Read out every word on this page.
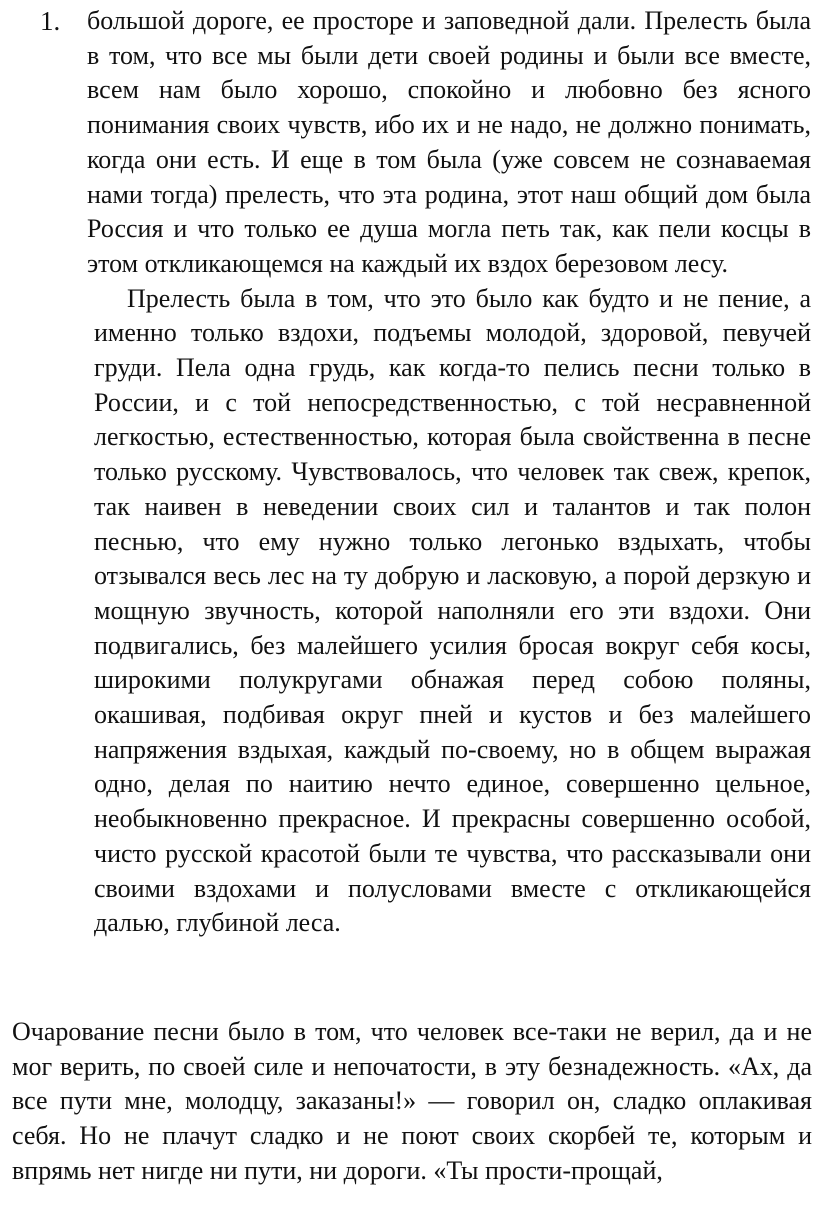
1. большой дороге, ее просторе и заповедной дали. Прелесть была в том, что все мы были дети своей родины и были все вместе, всем нам было хорошо, спокойно и любовно без ясного понимания своих чувств, ибо их и не надо, не должно понимать, когда они есть. И еще в том была (уже совсем не сознаваемая нами тогда) прелесть, что эта родина, этот наш общий дом была Россия и что только ее душа могла петь так, как пели косцы в этом откликающемся на каждый их вздох березовом лесу.

Прелесть была в том, что это было как будто и не пение, а именно только вздохи, подъемы молодой, здоровой, певучей груди. Пела одна грудь, как когда-то пелись песни только в России, и с той непосредственностью, с той несравненной легкостью, естественностью, которая была свойственна в песне только русскому. Чувствовалось, что человек так свеж, крепок, так наивен в неведении своих сил и талантов и так полон песнью, что ему нужно только легонько вздыхать, чтобы отзывался весь лес на ту добрую и ласковую, а порой дерзкую и мощную звучность, которой наполняли его эти вздохи. Они подвигались, без малейшего усилия бросая вокруг себя косы, широкими полукругами обнажая перед собою поляны, окашивая, подбивая округ пней и кустов и без малейшего напряжения вздыхая, каждый по-своему, но в общем выражая одно, делая по наитию нечто единое, совершенно цельное, необыкновенно прекрасное. И прекрасны совершенно особой, чисто русской красотой были те чувства, что рассказывали они своими вздохами и полусловами вместе с откликающейся далью, глубиной леса.

Очарование песни было в том, что человек все-таки не верил, да и не мог верить, по своей силе и непочатости, в эту безнадежность. «Ах, да все пути мне, молодцу, заказаны!» — говорил он, сладко оплакивая себя. Но не плачут сладко и не поют своих скорбей те, которым и впрямь нет нигде ни пути, ни дороги. «Ты прости-прощай,
